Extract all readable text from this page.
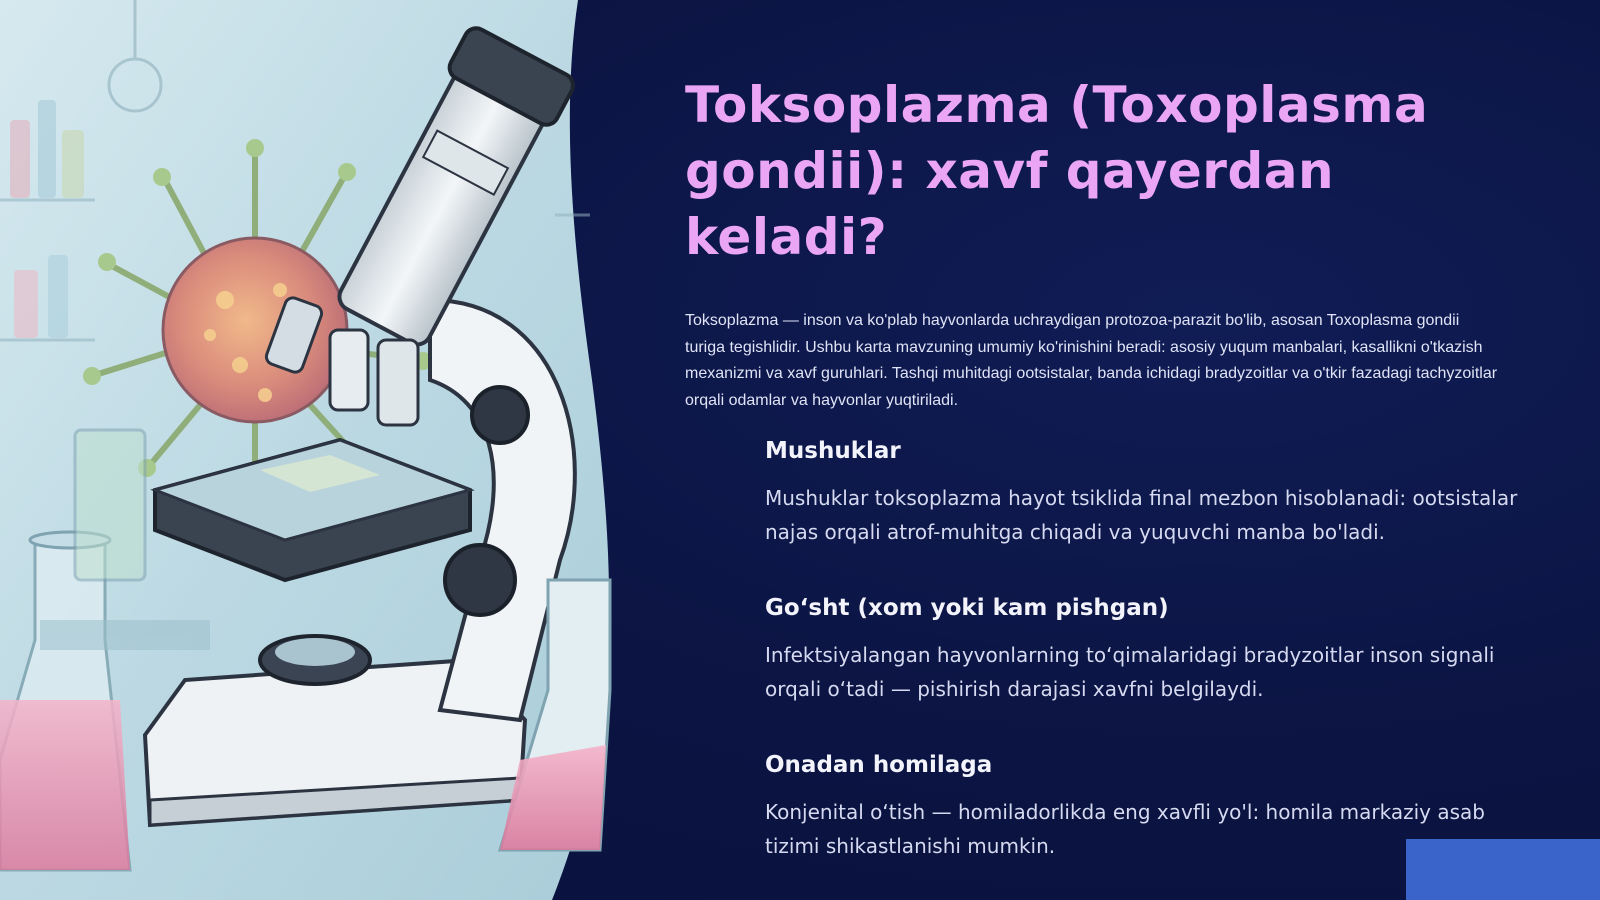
Toksoplazma (Toxoplasma gondii): xavf qayerdan keladi?

Toksoplazma — inson va ko'plab hayvonlarda uchraydigan protozoa-parazit bo'lib, asosan Toxoplasma gondii turiga tegishlidir. Ushbu karta mavzuning umumiy ko'rinishini beradi: asosiy yuqum manbalari, kasallikni o'tkazish mexanizmi va xavf guruhlari. Tashqi muhitdagi ootsistalar, banda ichidagi bradyzoitlar va o'tkir fazadagi tachyzoitlar orqali odamlar va hayvonlar yuqtiriladi.

Mushuklar

Mushuklar toksoplazma hayot tsiklida final mezbon hisoblanadi: ootsistalar najas orqali atrof-muhitga chiqadi va yuquvchi manba bo'ladi.

Go‘sht (xom yoki kam pishgan)

Infektsiyalangan hayvonlarning to‘qimalaridagi bradyzoitlar inson signali orqali o‘tadi — pishirish darajasi xavfni belgilaydi.

Onadan homilaga

Konjenital o‘tish — homiladorlikda eng xavfli yo'l: homila markaziy asab tizimi shikastlanishi mumkin.
